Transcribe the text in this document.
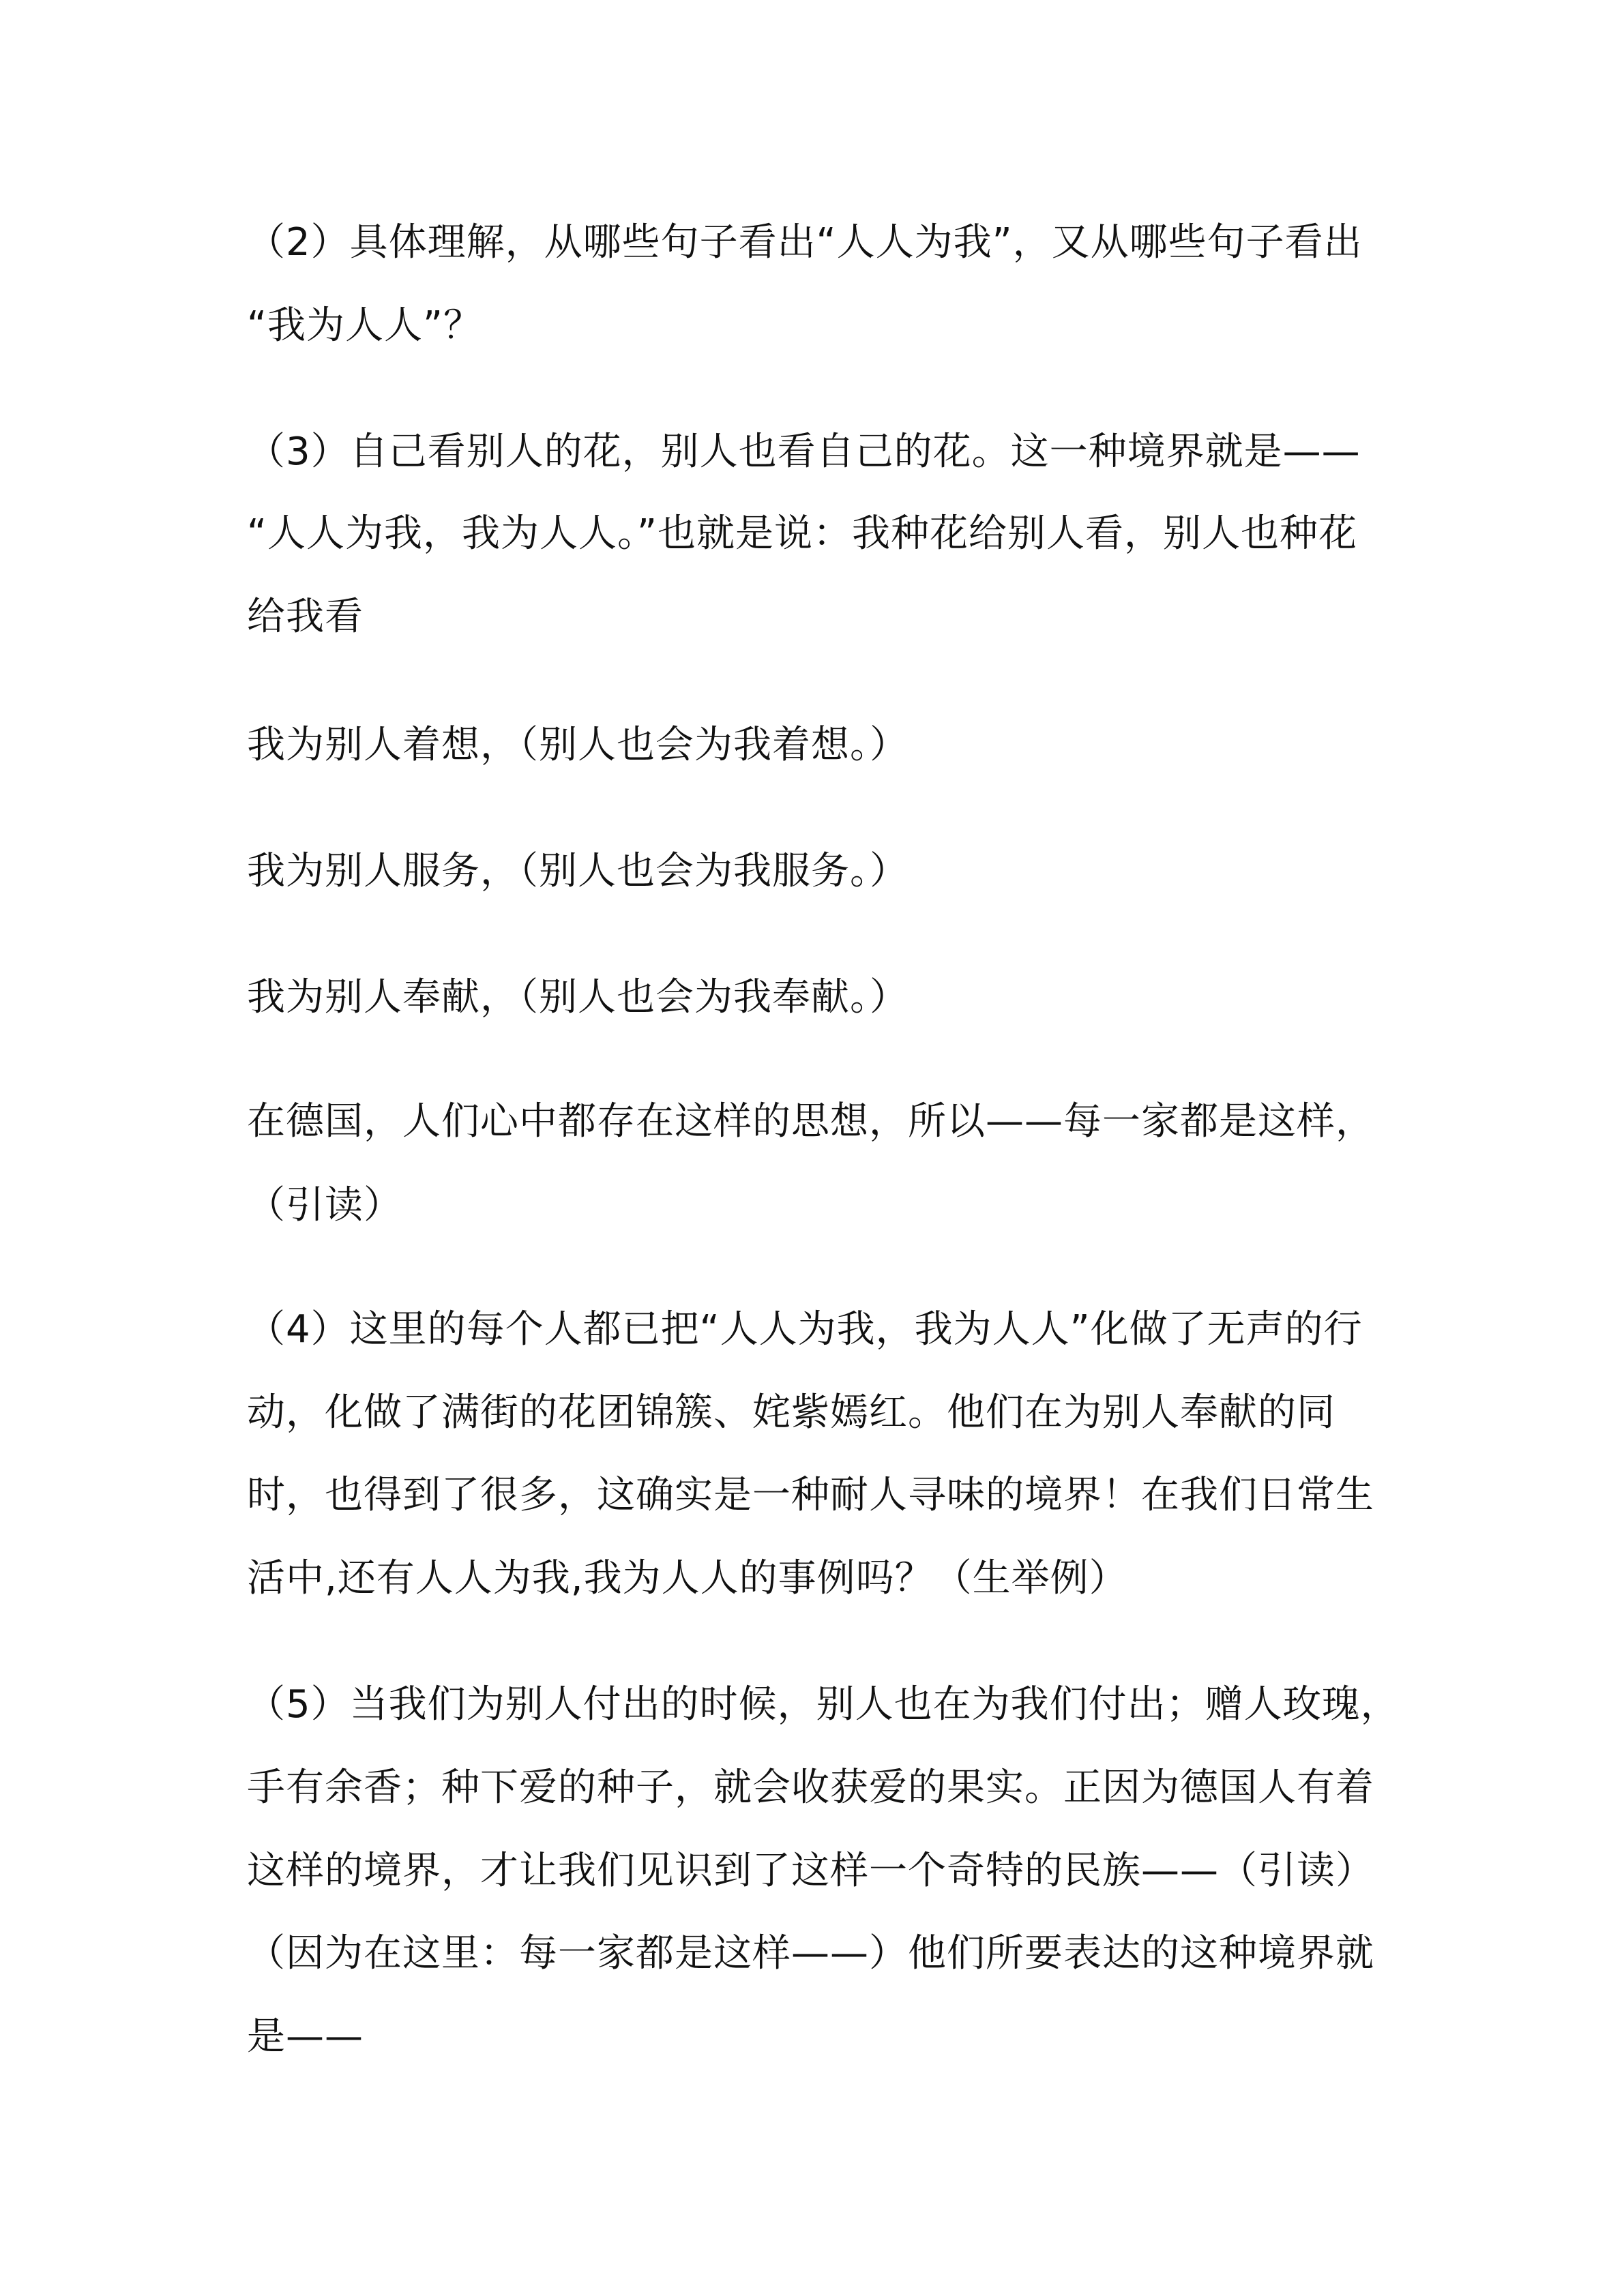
（2）具体理解，从哪些句子看出“人人为我”，又从哪些句子看出
“我为人人”？
（3）自己看别人的花，别人也看自己的花。这一种境界就是——
“人人为我，我为人人。”也就是说：我种花给别人看，别人也种花
给我看
我为别人着想，（别人也会为我着想。）
我为别人服务，（别人也会为我服务。）
我为别人奉献，（别人也会为我奉献。）
在德国，人们心中都存在这样的思想，所以——每一家都是这样，
（引读）
（4）这里的每个人都已把“人人为我，我为人人”化做了无声的行
动，化做了满街的花团锦簇、姹紫嫣红。他们在为别人奉献的同
时，也得到了很多，这确实是一种耐人寻味的境界！在我们日常生
活中,还有人人为我,我为人人的事例吗？（生举例）
（5）当我们为别人付出的时候，别人也在为我们付出；赠人玫瑰，
手有余香；种下爱的种子，就会收获爱的果实。正因为德国人有着
这样的境界，才让我们见识到了这样一个奇特的民族——（引读）
（因为在这里：每一家都是这样——）他们所要表达的这种境界就
是——
